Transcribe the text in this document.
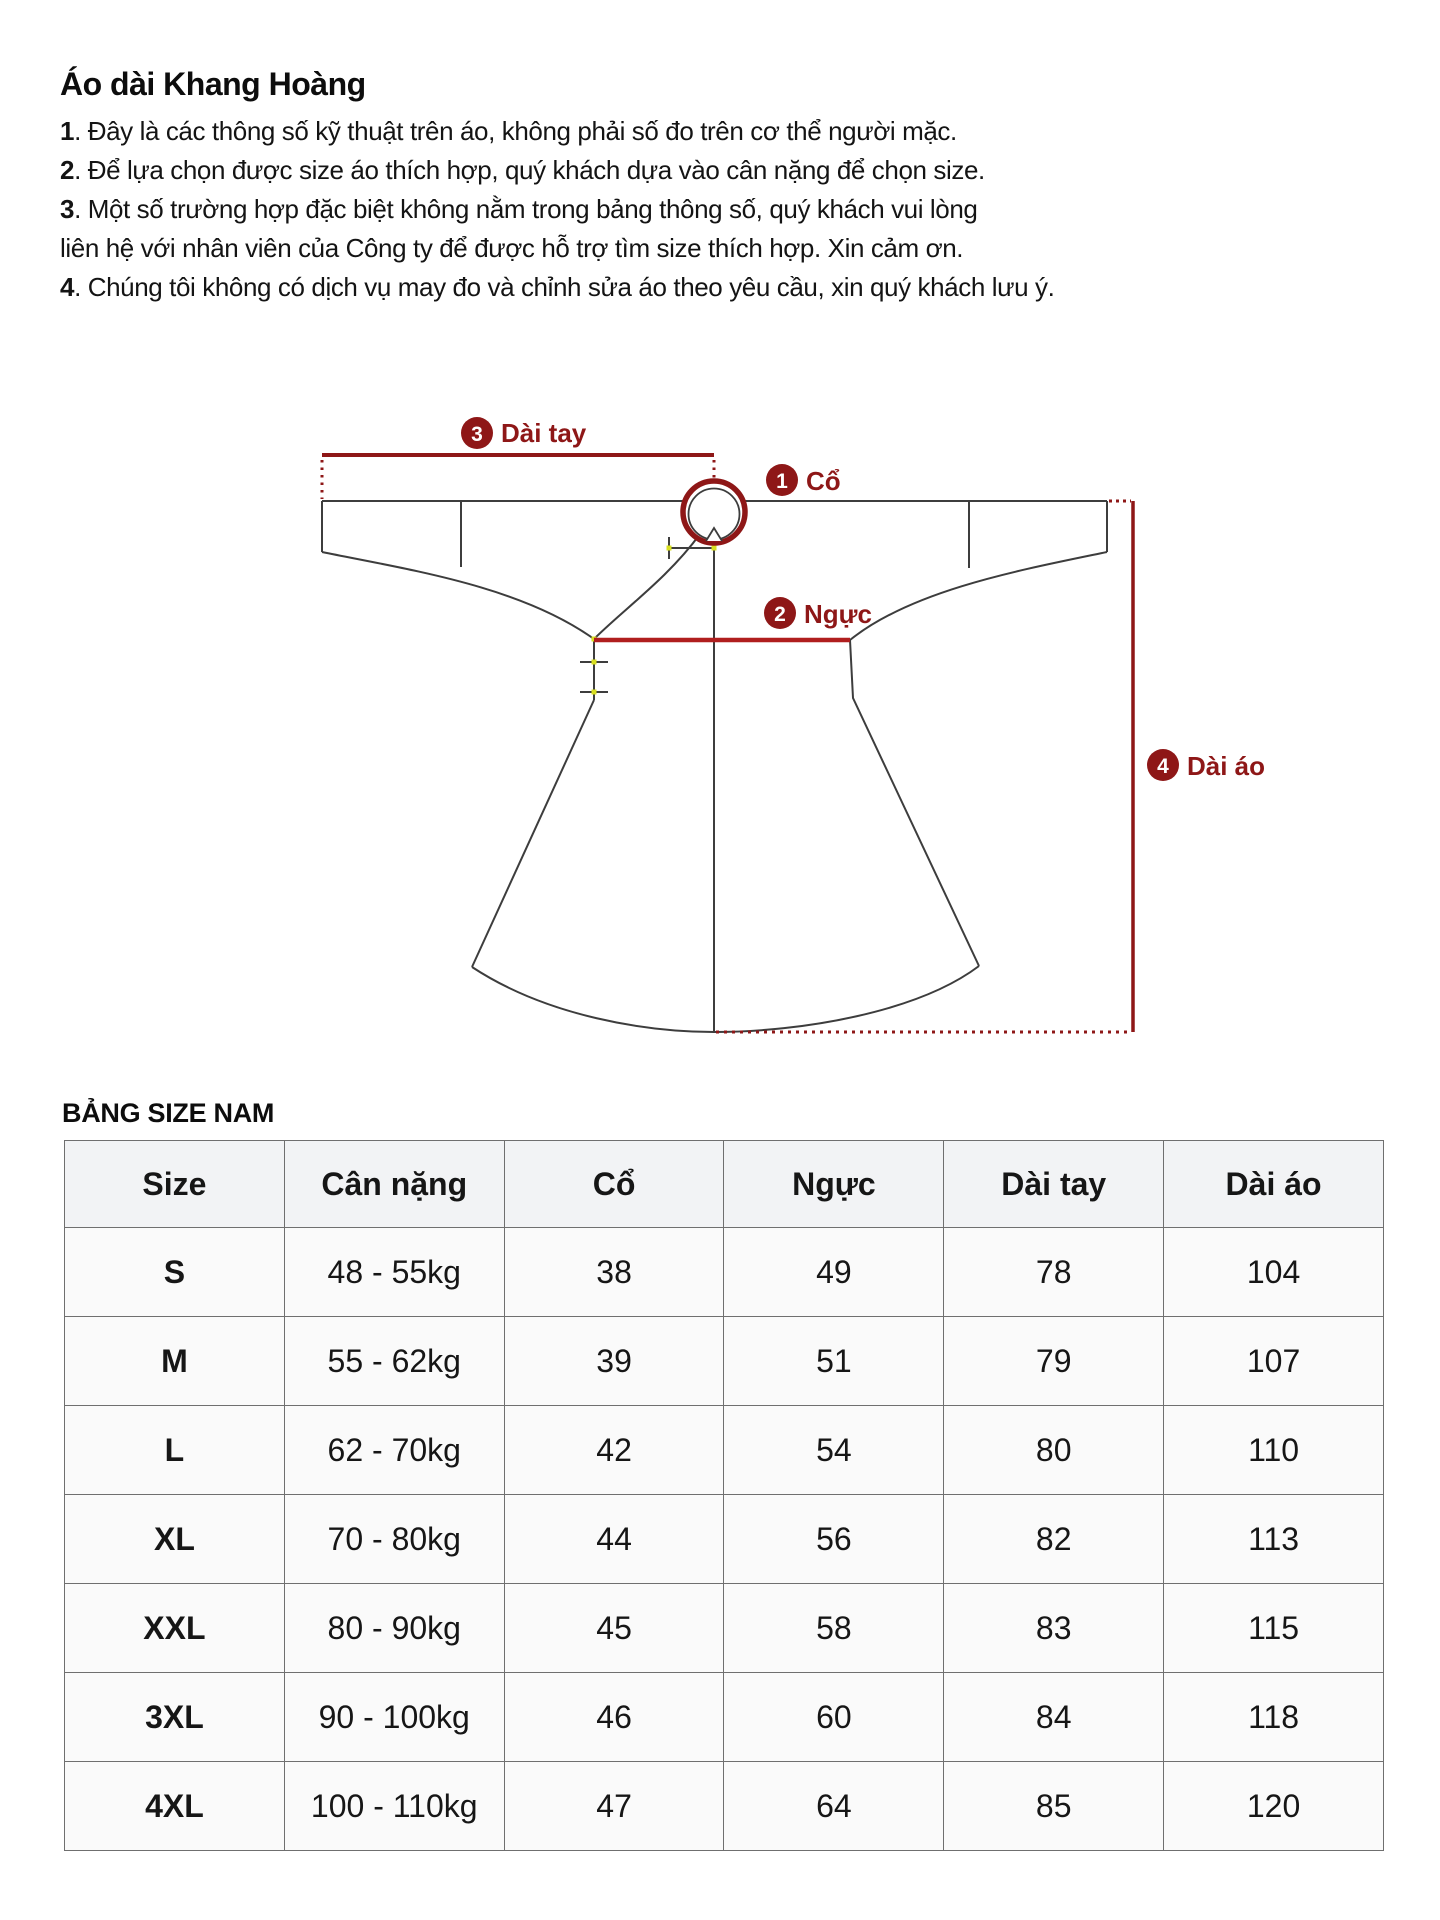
Áo dài Khang Hoàng
1. Đây là các thông số kỹ thuật trên áo, không phải số đo trên cơ thể người mặc.
2. Để lựa chọn được size áo thích hợp, quý khách dựa vào cân nặng để chọn size.
3. Một số trường hợp đặc biệt không nằm trong bảng thông số, quý khách vui lòng
liên hệ với nhân viên của Công ty để được hỗ trợ tìm size thích hợp. Xin cảm ơn.
4. Chúng tôi không có dịch vụ may đo và chỉnh sửa áo theo yêu cầu, xin quý khách lưu ý.
3 Dài tay
1 Cổ
2 Ngực
4 Dài áo
BẢNG SIZE NAM
Size	Cân nặng	Cổ	Ngực	Dài tay	Dài áo
S	48 - 55kg	38	49	78	104
M	55 - 62kg	39	51	79	107
L	62 - 70kg	42	54	80	110
XL	70 - 80kg	44	56	82	113
XXL	80 - 90kg	45	58	83	115
3XL	90 - 100kg	46	60	84	118
4XL	100 - 110kg	47	64	85	120
